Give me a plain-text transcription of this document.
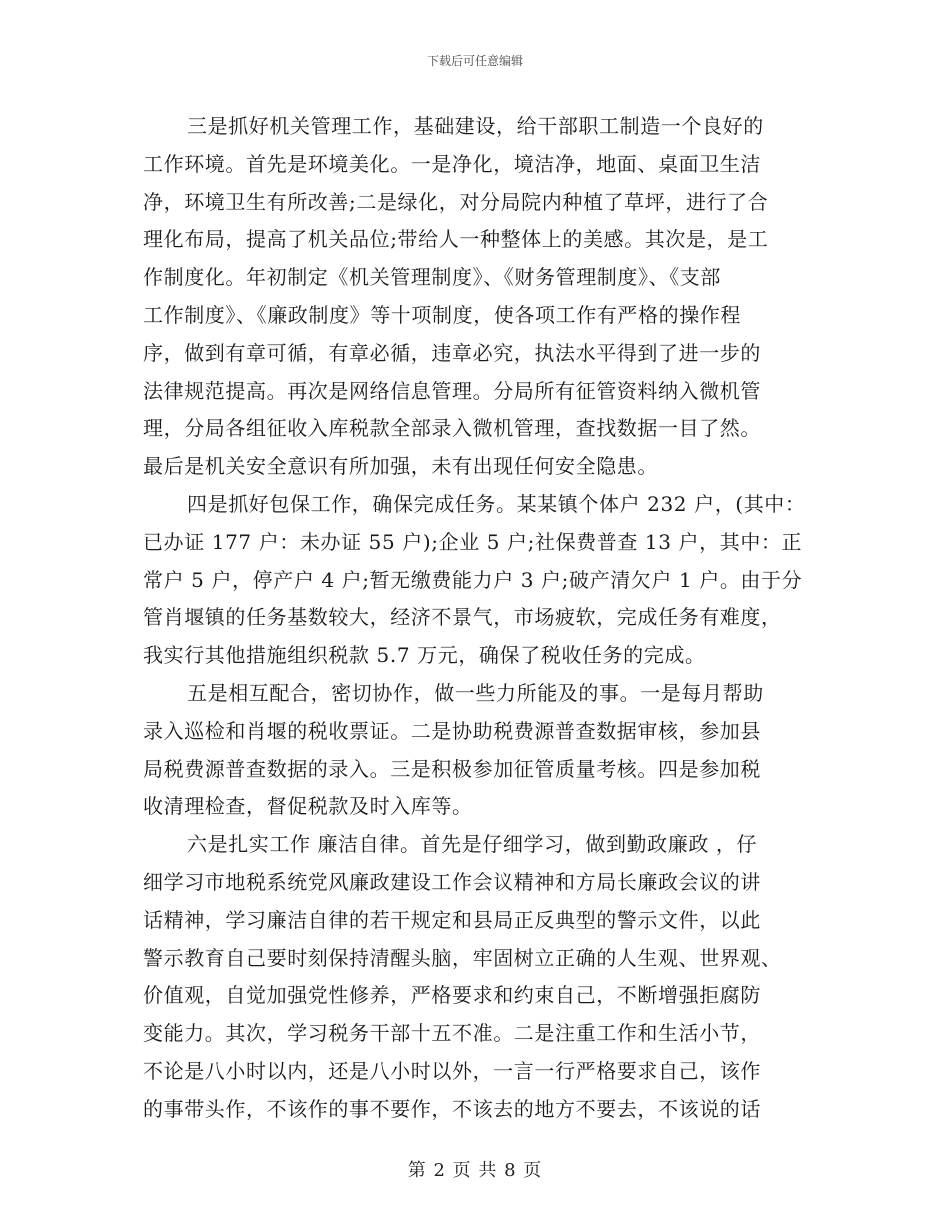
下载后可任意编辑
三是抓好机关管理工作，基础建设，给干部职工制造一个良好的
工作环境。首先是环境美化。一是净化，境洁净，地面、桌面卫生洁
净，环境卫生有所改善;二是绿化，对分局院内种植了草坪，进行了合
理化布局，提高了机关品位;带给人一种整体上的美感。其次是，是工
作制度化。年初制定《机关管理制度》、《财务管理制度》、《支部
工作制度》、《廉政制度》等十项制度，使各项工作有严格的操作程
序，做到有章可循，有章必循，违章必究，执法水平得到了进一步的
法律规范提高。再次是网络信息管理。分局所有征管资料纳入微机管
理，分局各组征收入库税款全部录入微机管理，查找数据一目了然。
最后是机关安全意识有所加强，未有出现任何安全隐患。
四是抓好包保工作，确保完成任务。某某镇个体户 232 户，(其中：
已办证 177 户：未办证 55 户);企业 5 户;社保费普查 13 户，其中：正
常户 5 户，停产户 4 户;暂无缴费能力户 3 户;破产清欠户 1 户。由于分
管肖堰镇的任务基数较大，经济不景气，市场疲软，完成任务有难度，
我实行其他措施组织税款 5.7 万元，确保了税收任务的完成。
五是相互配合，密切协作，做一些力所能及的事。一是每月帮助
录入巡检和肖堰的税收票证。二是协助税费源普查数据审核，参加县
局税费源普查数据的录入。三是积极参加征管质量考核。四是参加税
收清理检查，督促税款及时入库等。
六是扎实工作 廉洁自律。首先是仔细学习，做到勤政廉政 ，仔
细学习市地税系统党风廉政建设工作会议精神和方局长廉政会议的讲
话精神，学习廉洁自律的若干规定和县局正反典型的警示文件，以此
警示教育自己要时刻保持清醒头脑，牢固树立正确的人生观、世界观、
价值观，自觉加强党性修养，严格要求和约束自己，不断增强拒腐防
变能力。其次，学习税务干部十五不准。二是注重工作和生活小节，
不论是八小时以内，还是八小时以外，一言一行严格要求自己，该作
的事带头作，不该作的事不要作，不该去的地方不要去，不该说的话
第 2 页 共 8 页
